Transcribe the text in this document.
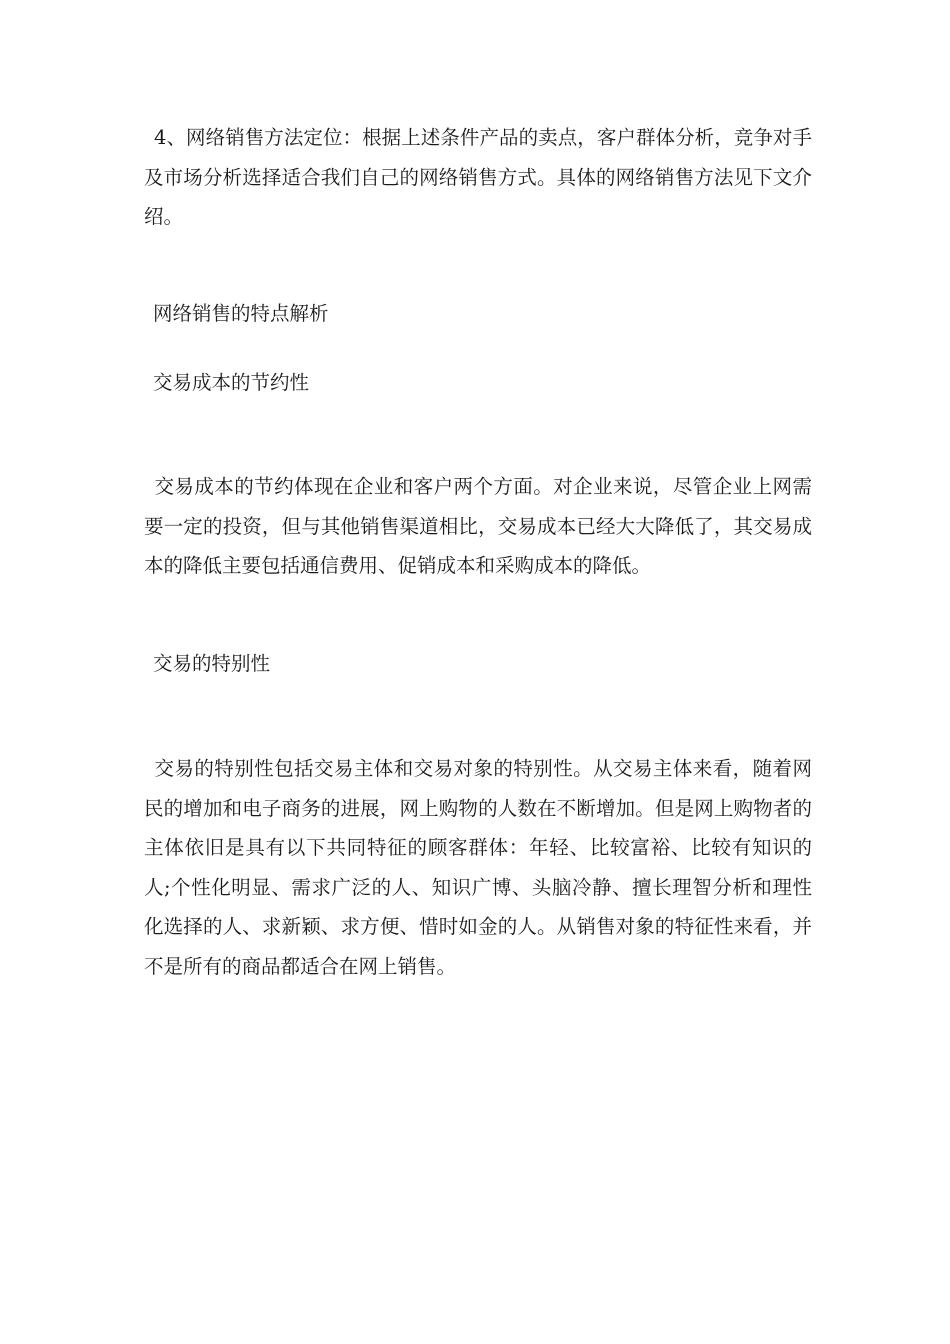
4、网络销售方法定位：根据上述条件产品的卖点，客户群体分析，竞争对手及市场分析选择适合我们自己的网络销售方式。具体的网络销售方法见下文介绍。

网络销售的特点解析

交易成本的节约性

交易成本的节约体现在企业和客户两个方面。对企业来说，尽管企业上网需要一定的投资，但与其他销售渠道相比，交易成本已经大大降低了，其交易成本的降低主要包括通信费用、促销成本和采购成本的降低。

交易的特别性

交易的特别性包括交易主体和交易对象的特别性。从交易主体来看，随着网民的增加和电子商务的进展，网上购物的人数在不断增加。但是网上购物者的主体依旧是具有以下共同特征的顾客群体：年轻、比较富裕、比较有知识的人;个性化明显、需求广泛的人、知识广博、头脑冷静、擅长理智分析和理性化选择的人、求新颖、求方便、惜时如金的人。从销售对象的特征性来看，并不是所有的商品都适合在网上销售。
